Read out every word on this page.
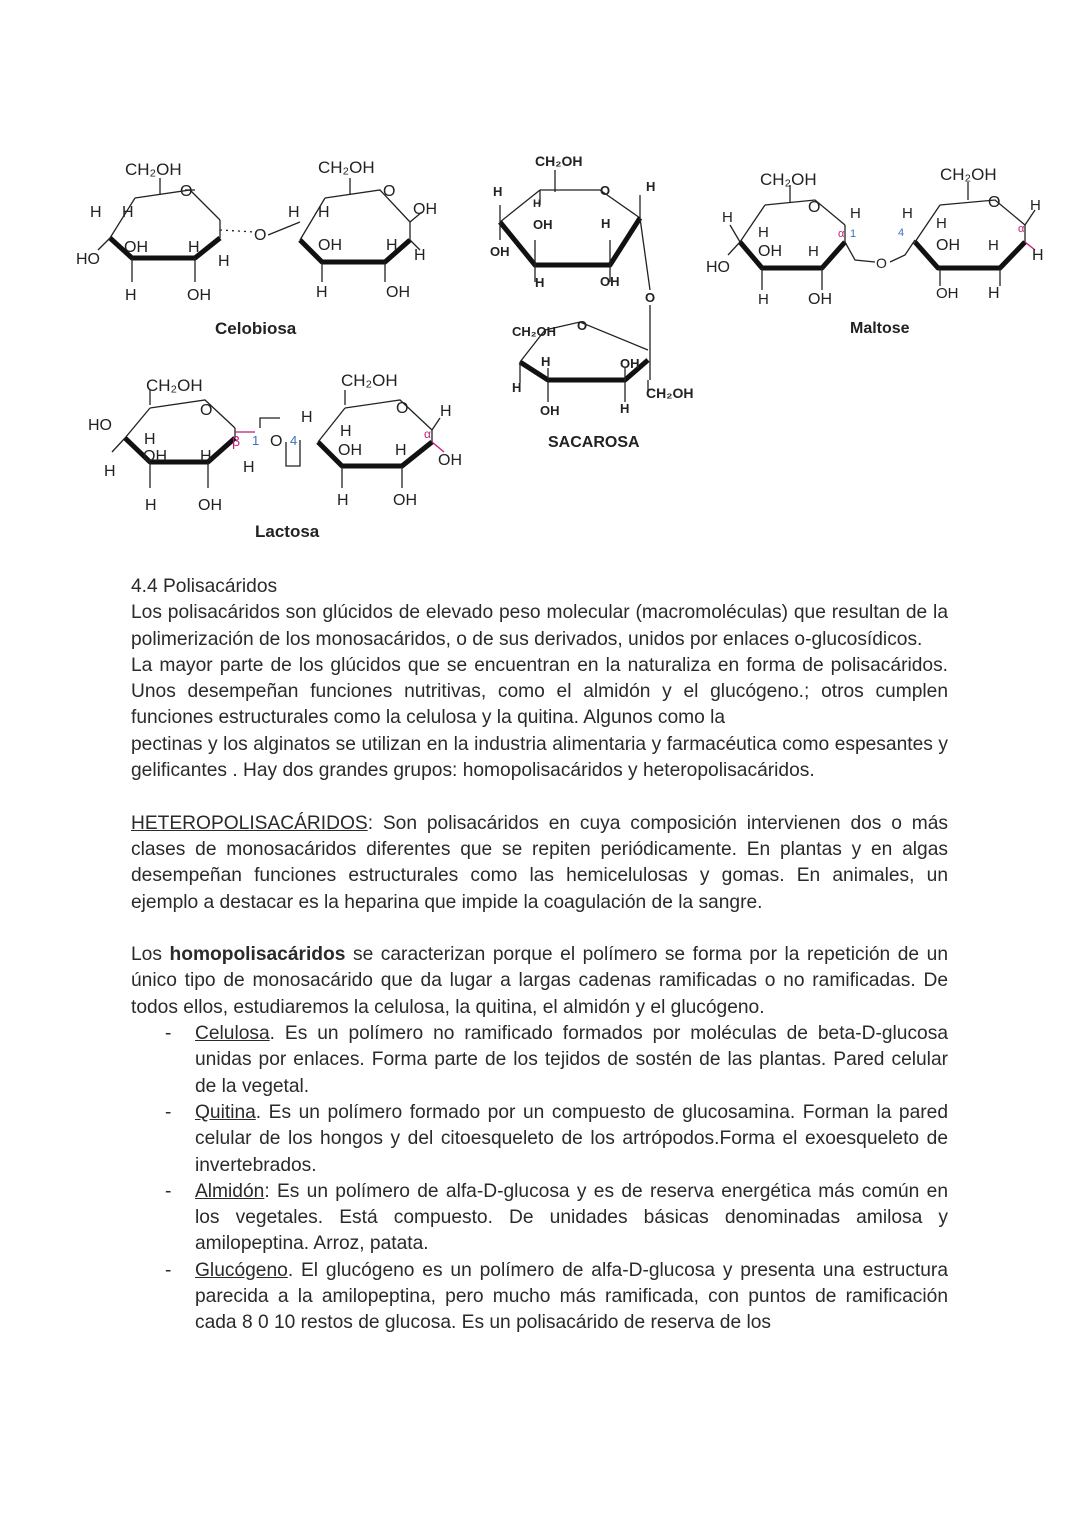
CH₂OH
O
H H
HO
OH	H
H
H	OH
O
CH₂OH
O
H H	OH
OH	H
H
H	OH
Celobiosa
CH₂OH
O
HO
H
H
OH H
H
H	OH
β 1 O 4
H
CH₂OH
O H
H
OH H
α
OH
H	OH
Lactosa
CH₂OH
O
H
H
H
OH	H
OH
H	OH
O
CH₂OH O
H	OH
H
OH	H
CH₂OH
SACAROSA
CH₂OH
O
H
H
HO
OH H
H OH
H
α 1	4
H
O
CH₂OH
O H
H
OH H
α
H
OH H
Maltose

4.4 Polisacáridos

Los polisacáridos son glúcidos de elevado peso molecular (macromoléculas) que resultan de la polimerización de los monosacáridos, o de sus derivados, unidos por enlaces o-glucosídicos.

La mayor parte de los glúcidos que se encuentran en la naturaliza en forma de polisacáridos. Unos desempeñan funciones nutritivas, como el almidón y el glucógeno.; otros cumplen funciones estructurales como la celulosa y la quitina. Algunos como la

pectinas y los alginatos se utilizan en la industria alimentaria y farmacéutica como espesantes y gelificantes . Hay dos grandes grupos: homopolisacáridos y heteropolisacáridos.

HETEROPOLISACÁRIDOS: Son polisacáridos en cuya composición intervienen dos o más clases de monosacáridos diferentes que se repiten periódicamente. En plantas y en algas desempeñan funciones estructurales como las hemicelulosas y gomas. En animales, un ejemplo a destacar es la heparina que impide la coagulación de la sangre.

Los homopolisacáridos se caracterizan porque el polímero se forma por la repetición de un único tipo de monosacárido que da lugar a largas cadenas ramificadas o no ramificadas. De todos ellos, estudiaremos la celulosa, la quitina, el almidón y el glucógeno.

- Celulosa. Es un polímero no ramificado formados por moléculas de beta-D-glucosa unidas por enlaces. Forma parte de los tejidos de sostén de las plantas. Pared celular de la vegetal.
- Quitina. Es un polímero formado por un compuesto de glucosamina. Forman la pared celular de los hongos y del citoesqueleto de los artrópodos.Forma el exoesqueleto de invertebrados.
- Almidón: Es un polímero de alfa-D-glucosa y es de reserva energética más común en los vegetales. Está compuesto. De unidades básicas denominadas amilosa y amilopeptina. Arroz, patata.
- Glucógeno. El glucógeno es un polímero de alfa-D-glucosa y presenta una estructura parecida a la amilopeptina, pero mucho más ramificada, con puntos de ramificación cada 8 0 10 restos de glucosa. Es un polisacárido de reserva de los
